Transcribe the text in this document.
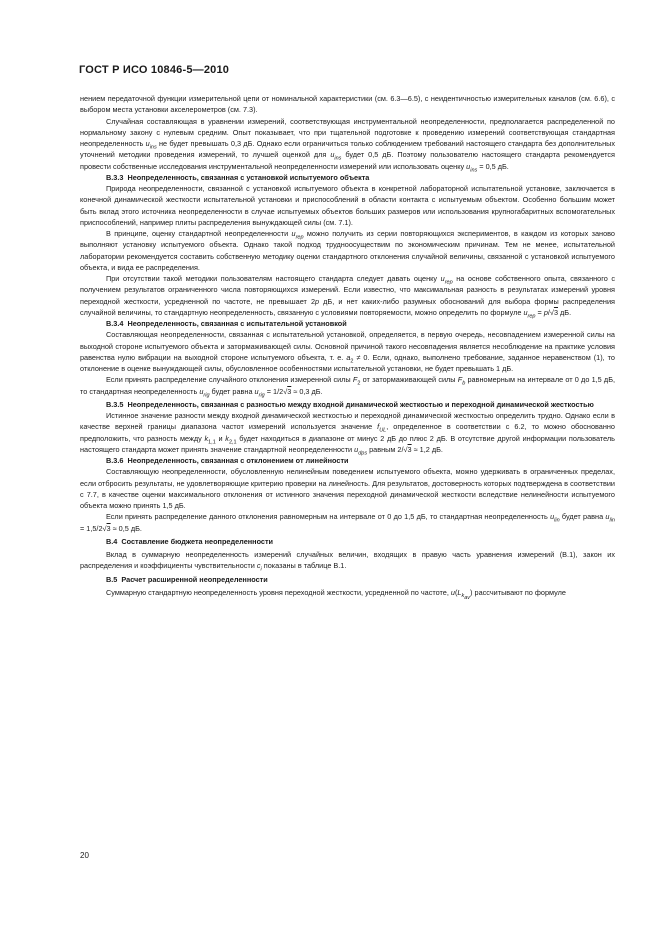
ГОСТ Р ИСО 10846-5—2010

нением передаточной функции измерительной цепи от номинальной характеристики (см. 6.3—6.5), с неидентичностью измерительных каналов (см. 6.6), с выбором места установки акселерометров (см. 7.3).

Случайная составляющая в уравнении измерений, соответствующая инструментальной неопределенности, предполагается распределенной по нормальному закону с нулевым средним. Опыт показывает, что при тщательной подготовке к проведению измерений соответствующая стандартная неопределенность $u_{ins}$ не будет превышать 0,3 дБ. Однако если ограничиться только соблюдением требований настоящего стандарта без дополнительных уточнений методики проведения измерений, то лучшей оценкой для $u_{ins}$ будет 0,5 дБ. Поэтому пользователю настоящего стандарта рекомендуется провести собственные исследования инструментальной неопределенности измерений или использовать оценку $u_{ins} = 0,5$ дБ.

В.3.3 Неопределенность, связанная с установкой испытуемого объекта

Природа неопределенности, связанной с установкой испытуемого объекта в конкретной лабораторной испытательной установке, заключается в конечной динамической жесткости испытательной установки и приспособлений в области контакта с испытуемым объектом. Особенно большим может быть вклад этого источника неопределенности в случае испытуемых объектов больших размеров или использования крупногабаритных вспомогательных приспособлений, например плиты распределения вынуждающей силы (см. 7.1).

В принципе, оценку стандартной неопределенности $u_{rep}$ можно получить из серии повторяющихся экспериментов, в каждом из которых заново выполняют установку испытуемого объекта. Однако такой подход трудноосуществим по экономическим причинам. Тем не менее, испытательной лаборатории рекомендуется составить собственную методику оценки стандартного отклонения случайной величины, связанной с установкой испытуемого объекта, и вида ее распределения.

При отсутствии такой методики пользователям настоящего стандарта следует давать оценку $u_{rep}$ на основе собственного опыта, связанного с получением результатов ограниченного числа повторяющихся измерений. Если известно, что максимальная разность в результатах измерений уровня переходной жесткости, усредненной по частоте, не превышает 2p дБ, и нет каких-либо разумных обоснований для выбора формы распределения случайной величины, то стандартную неопределенность, связанную с условиями повторяемости, можно определить по формуле $u_{rep} = p/√3$ дБ.

В.3.4 Неопределенность, связанная с испытательной установкой

Составляющая неопределенности, связанная с испытательной установкой, определяется, в первую очередь, несовпадением измеренной силы на выходной стороне испытуемого объекта и затормаживающей силы. Основной причиной такого несовпадения является несоблюдение на практике условия равенства нулю вибрации на выходной стороне испытуемого объекта, т. е. $a_2 \ne 0$. Если, однако, выполнено требование, заданное неравенством (1), то отклонение в оценке вынуждающей силы, обусловленное особенностями испытательной установки, не будет превышать 1 дБ.

Если принять распределение случайного отклонения измеренной силы $F_2$ от затормаживающей силы $F_b$ равномерным на интервале от 0 до 1,5 дБ, то стандартная неопределенность $u_{rig}$ будет равна $u_{rig} = 1/2√3 \approx 0,3$ дБ.

В.3.5 Неопределенность, связанная с разностью между входной динамической жесткостью и переходной динамической жесткостью

Истинное значение разности между входной динамической жесткостью и переходной динамической жесткостью определить трудно. Однако если в качестве верхней границы диапазона частот измерений используется значение $f_{UL}$, определенное в соответствии с 6.2, то можно обоснованно предположить, что разность между $k_{1,1}$ и $k_{2,1}$ будет находиться в диапазоне от минус 2 дБ до плюс 2 дБ. В отсутствие другой информации пользователь настоящего стандарта может принять значение стандартной неопределенности $u_{dps}$ равным 2/√3 ≈ 1,2 дБ.

В.3.6 Неопределенность, связанная с отклонением от линейности

Составляющую неопределенности, обусловленную нелинейным поведением испытуемого объекта, можно удерживать в ограниченных пределах, если отбросить результаты, не удовлетворяющие критерию проверки на линейность. Для результатов, достоверность которых подтверждена в соответствии с 7.7, в качестве оценки максимального отклонения от истинного значения переходной динамической жесткости вследствие нелинейности испытуемого объекта можно принять 1,5 дБ.

Если принять распределение данного отклонения равномерным на интервале от 0 до 1,5 дБ, то стандартная неопределенность $u_{lin}$ будет равна $u_{lin} = 1,5/2√3 \approx 0,5$ дБ.

В.4 Составление бюджета неопределенности

Вклад в суммарную неопределенность измерений случайных величин, входящих в правую часть уравнения измерений (В.1), закон их распределения и коэффициенты чувствительности $c_i$ показаны в таблице В.1.

В.5 Расчет расширенной неопределенности

Суммарную стандартную неопределенность уровня переходной жесткости, усредненной по частоте, $u(L_{k_{av}})$ рассчитывают по формуле

20
